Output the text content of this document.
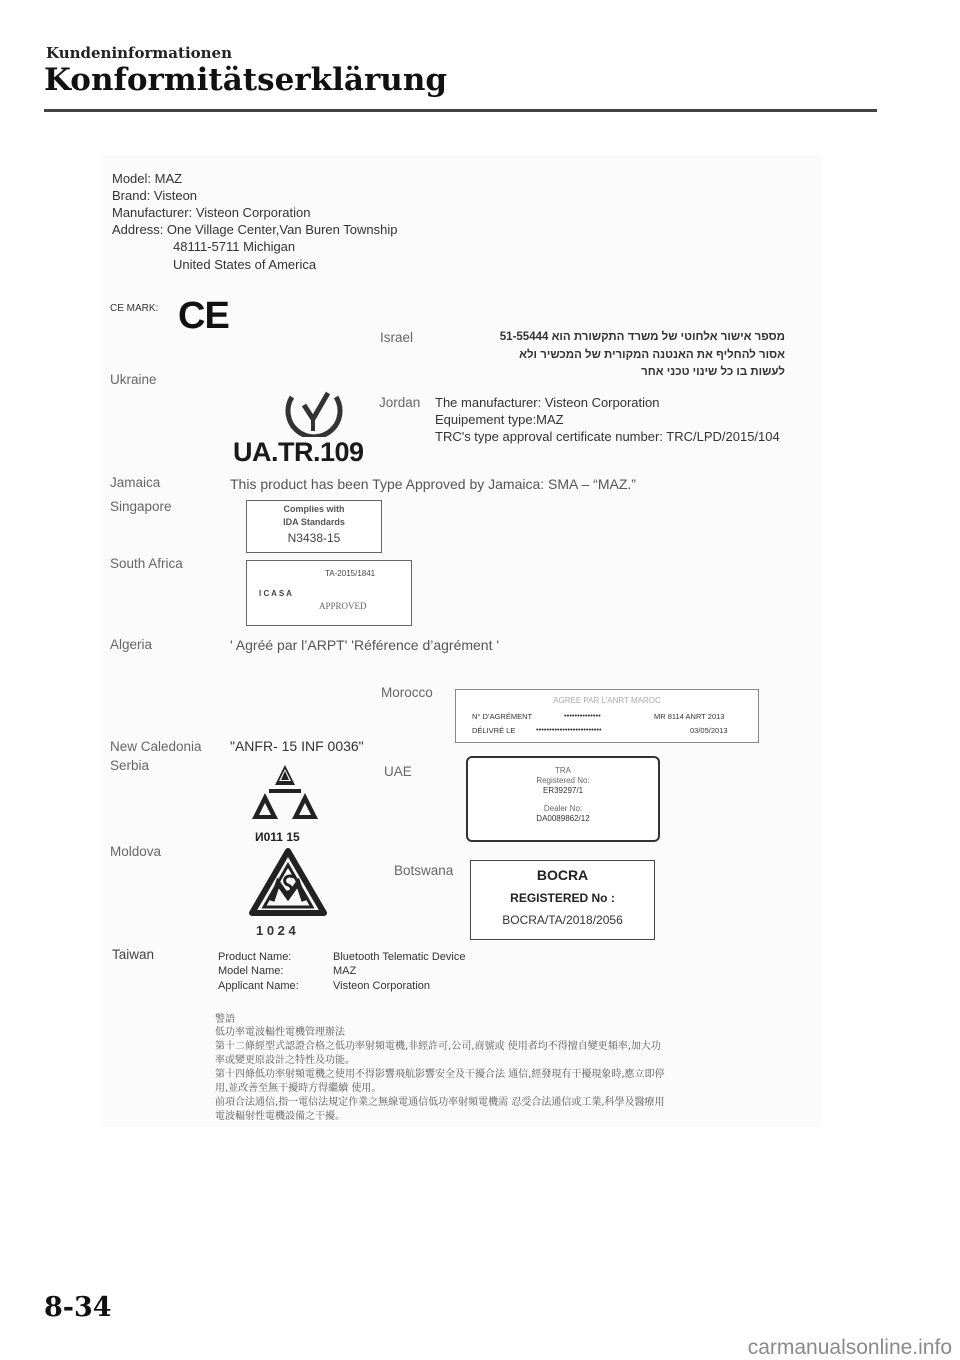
Kundeninformationen
Konformitätserklärung
Model: MAZ
Brand: Visteon
Manufacturer: Visteon Corporation
Address: One Village Center,Van Buren Township
48111-5711 Michigan
United States of America
CE MARK: CE
Israel	מספר אישור אלחוטי של משרד התקשורת הוא 51-55444
אסור להחליף את האנטנה המקורית של המכשיר ולא
לעשות בו כל שינוי טכני אחר
Ukraine
UA.TR.109
Jordan The manufacturer: Visteon Corporation
Equipement type:MAZ
TRC's type approval certificate number: TRC/LPD/2015/104
Jamaica	This product has been Type Approved by Jamaica: SMA – “MAZ.”
Singapore	Complies with
IDA Standards
N3438-15
South Africa
TA-2015/1841
I C A S A
APPROVED
Algeria	' Agréé par l’ARPT' 'Référence d’agrément '
Morocco
AGREE PAR L’ANRT MAROC
N° D’AGRÉMENT	••••••••••••••	MR 8114 ANRT 2013
DÉLIVRÉ LE	•••••••••••••••••••••••••	03/05/2013
New Caledonia "ANFR- 15 INF 0036"
Serbia
И011 15
UAE	TRA
Registered No:
ER39297/1
Dealer No:
DA0089862/12
Moldova
1 0 2 4
Botswana	BOCRA
REGISTERED No :
BOCRA/TA/2018/2056
Taiwan	Product Name:	Bluetooth Telematic Device
Model Name:	MAZ
Applicant Name:	Visteon Corporation
警語
低功率電波輻性電機管理辦法
第十二條經型式認證合格之低功率射頻電機,非經許可,公司,商號或 使用者均不得擅自變更頻率,加大功
率或變更原設計之特性及功能。
第十四條低功率射頻電機之使用不得影響飛航影響安全及干擾合法 通信,經發現有干擾現象時,應立即停
用,並改善至無干擾時方得繼續 使用。
前項合法通信,指一電信法規定作業之無線電通信低功率射頻電機需 忍受合法通信或工業,科學及醫療用
電波輻射性電機設備之干擾。
8-34
carmanualsonline.info
